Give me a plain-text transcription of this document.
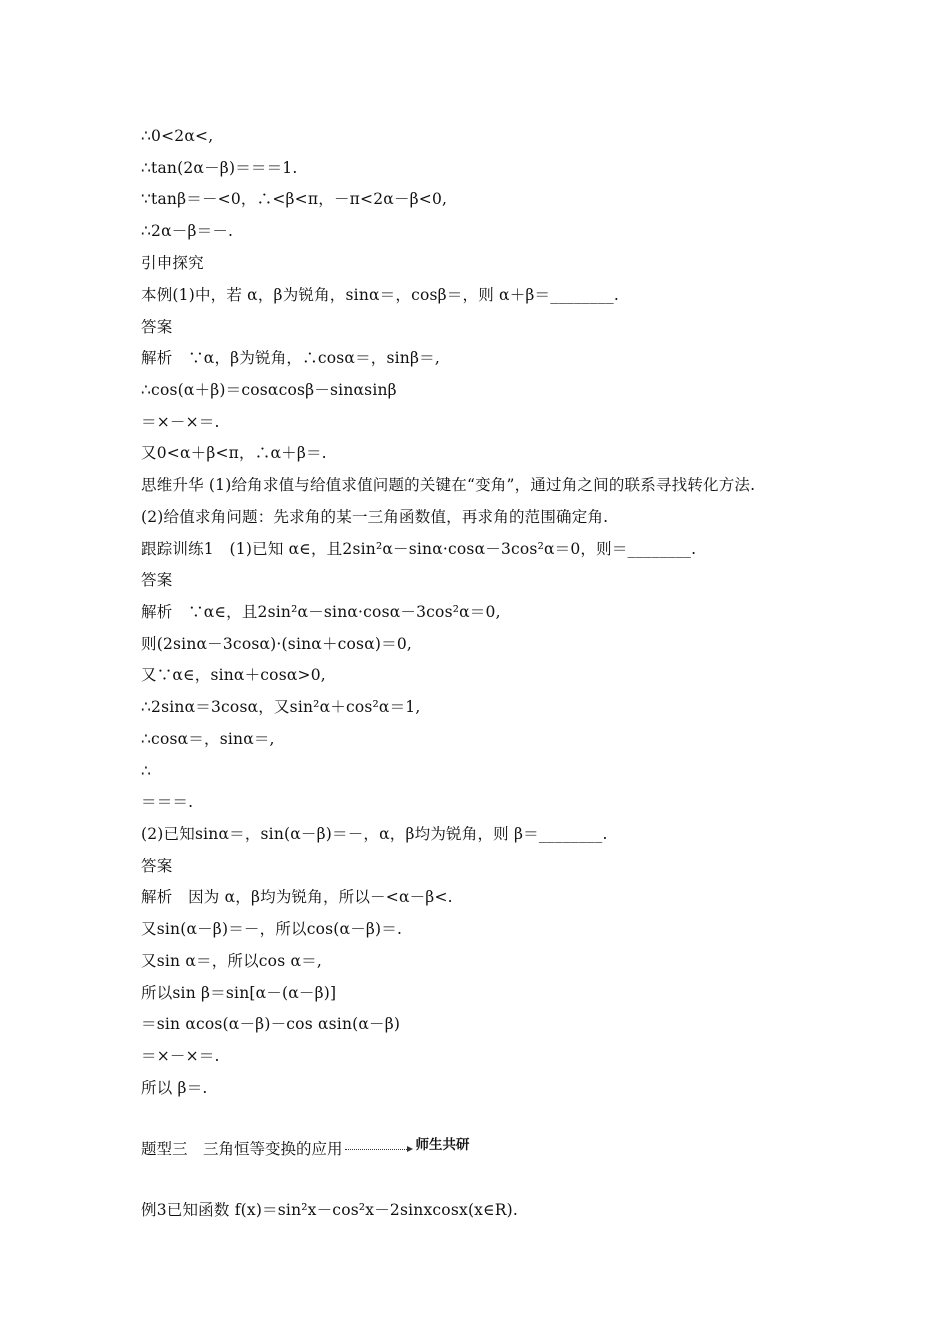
∴0<2α<,
∴tan(2α－β)＝＝＝1.
∵tanβ＝－<0，∴<β<π，－π<2α－β<0,
∴2α－β＝－.
引申探究
本例(1)中，若 α，β为锐角，sinα＝，cosβ＝，则 α＋β＝________.
答案
解析　∵α，β为锐角，∴cosα＝，sinβ＝,
∴cos(α＋β)＝cosαcosβ－sinαsinβ
＝×－×＝.
又0<α＋β<π，∴α＋β＝.
思维升华 (1)给角求值与给值求值问题的关键在“变角”，通过角之间的联系寻找转化方法.
(2)给值求角问题：先求角的某一三角函数值，再求角的范围确定角.
跟踪训练1　(1)已知 α∈，且2sin²α－sinα·cosα－3cos²α＝0，则＝________.
答案
解析　∵α∈，且2sin²α－sinα·cosα－3cos²α＝0,
则(2sinα－3cosα)·(sinα＋cosα)＝0,
又∵α∈，sinα＋cosα>0,
∴2sinα＝3cosα，又sin²α＋cos²α＝1,
∴cosα＝，sinα＝,
∴
＝＝＝.
(2)已知sinα＝，sin(α－β)＝－，α，β均为锐角，则 β＝________.
答案
解析　因为 α，β均为锐角，所以－<α－β<.
又sin(α－β)＝－，所以cos(α－β)＝.
又sin α＝，所以cos α＝,
所以sin β＝sin[α－(α－β)]
＝sin αcos(α－β)－cos αsin(α－β)
＝×－×＝.
所以 β＝.
题型三　三角恒等变换的应用	师生共研
例3已知函数 f(x)＝sin²x－cos²x－2sinxcosx(x∈R).
